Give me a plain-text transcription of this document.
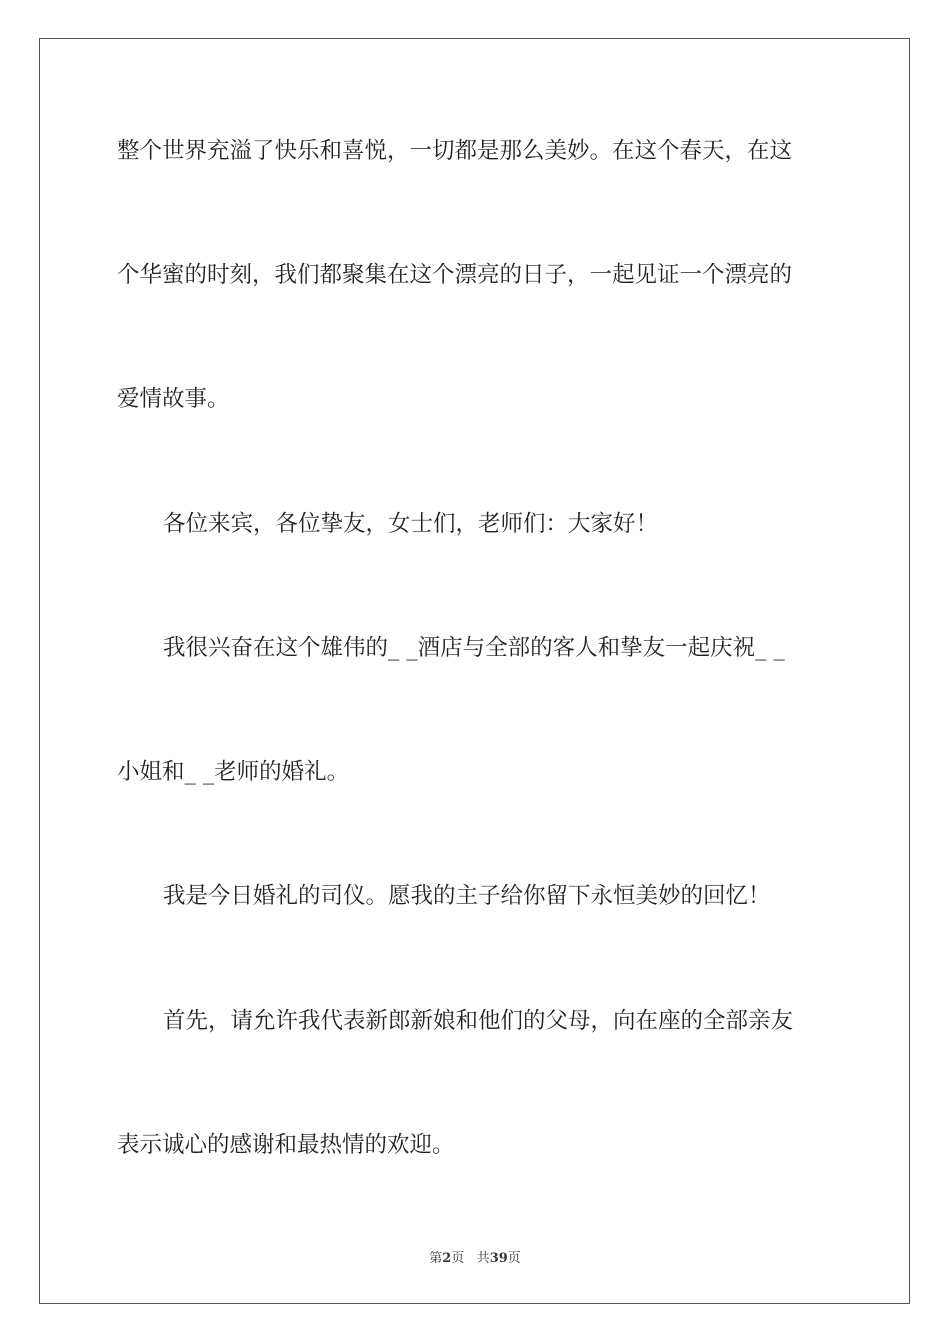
整个世界充溢了快乐和喜悦，一切都是那么美妙。在这个春天，在这
个华蜜的时刻，我们都聚集在这个漂亮的日子，一起见证一个漂亮的
爱情故事。
各位来宾，各位挚友，女士们，老师们：大家好！
我很兴奋在这个雄伟的_ _酒店与全部的客人和挚友一起庆祝_ _
小姐和_ _老师的婚礼。
我是今日婚礼的司仪。愿我的主子给你留下永恒美妙的回忆！
首先，请允许我代表新郎新娘和他们的父母，向在座的全部亲友
表示诚心的感谢和最热情的欢迎。
第2页 共39页
